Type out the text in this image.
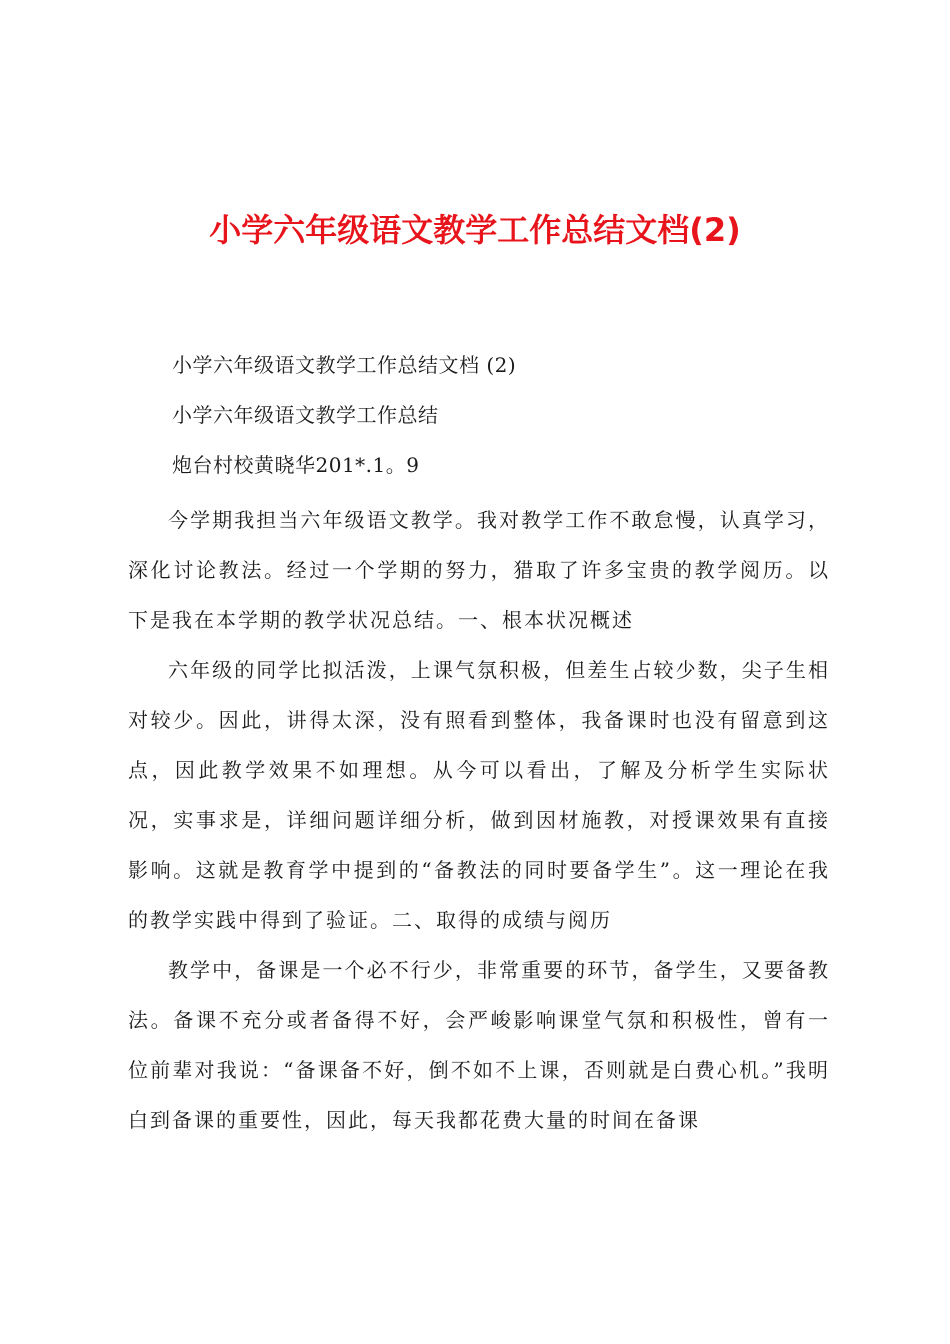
小学六年级语文教学工作总结文档(2)
小学六年级语文教学工作总结文档 (2)
小学六年级语文教学工作总结
炮台村校黄晓华201*.1。9

今学期我担当六年级语文教学。我对教学工作不敢怠慢，认真学习，深化讨论教法。经过一个学期的努力，猎取了许多宝贵的教学阅历。以下是我在本学期的教学状况总结。一、根本状况概述

六年级的同学比拟活泼，上课气氛积极，但差生占较少数，尖子生相对较少。因此，讲得太深，没有照看到整体，我备课时也没有留意到这点，因此教学效果不如理想。从今可以看出，了解及分析学生实际状况，实事求是，详细问题详细分析，做到因材施教，对授课效果有直接影响。这就是教育学中提到的“备教法的同时要备学生”。这一理论在我的教学实践中得到了验证。二、取得的成绩与阅历

教学中，备课是一个必不行少，非常重要的环节，备学生，又要备教法。备课不充分或者备得不好，会严峻影响课堂气氛和积极性，曾有一位前辈对我说：“备课备不好，倒不如不上课，否则就是白费心机。”我明白到备课的重要性，因此，每天我都花费大量的时间在备课
